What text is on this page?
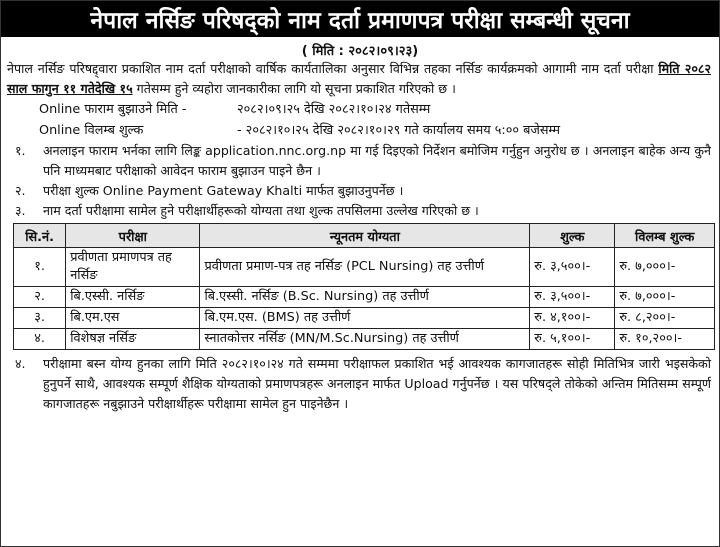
नेपाल नर्सिङ परिषद्को नाम दर्ता प्रमाणपत्र परीक्षा सम्बन्धी सूचना
( मिति : २०८२।०९।२३)
नेपाल नर्सिङ परिषद्द्वारा प्रकाशित नाम दर्ता परीक्षाको वार्षिक कार्यतालिका अनुसार विभिन्न तहका नर्सिङ कार्यक्रमको आगामी नाम दर्ता परीक्षा मिति २०८२ साल फागुन ११ गतेदेखि १५ गतेसम्म हुने व्यहोरा जानकारीका लागि यो सूचना प्रकाशित गरिएको छ ।
Online फाराम बुझाउने मिति -	२०८२।०९।२५ देखि २०८२।१०।२४ गतेसम्म
Online विलम्ब शुल्क	- २०८२।१०।२५ देखि २०८२।१०।२९ गते कार्यालय समय ५:०० बजेसम्म
१.	अनलाइन फाराम भर्नका लागि लिङ्क application.nnc.org.np मा गई दिइएको निर्देशन बमोजिम गर्नुहुन अनुरोध छ । अनलाइन बाहेक अन्य कुनै पनि माध्यमबाट परीक्षाको आवेदन फाराम बुझाउन पाइने छैन ।
२.	परीक्षा शुल्क Online Payment Gateway Khalti मार्फत बुझाउनुपर्नेछ ।
३.	नाम दर्ता परीक्षामा सामेल हुने परीक्षार्थीहरूको योग्यता तथा शुल्क तपसिलमा उल्लेख गरिएको छ ।
सि.नं.	परीक्षा	न्यूनतम योग्यता	शुल्क	विलम्ब शुल्क
१.	प्रवीणता प्रमाणपत्र तह नर्सिङ	प्रवीणता प्रमाण-पत्र तह नर्सिङ (PCL Nursing) तह उत्तीर्ण	रु. ३,५००।-	रु. ७,०००।-
२.	बि.एस्सी. नर्सिङ	बि.एस्सी. नर्सिङ (B.Sc. Nursing) तह उत्तीर्ण	रु. ३,५००।-	रु. ७,०००।-
३.	बि.एम.एस	बि.एम.एस. (BMS) तह उत्तीर्ण	रु. ४,१००।-	रु. ८,२००।-
४.	विशेषज्ञ नर्सिङ	स्नातकोत्तर नर्सिङ (MN/M.Sc.Nursing) तह उत्तीर्ण	रु. ५,१००।-	रु. १०,२००।-
४.	परीक्षामा बस्न योग्य हुनका लागि मिति २०८२।१०।२४ गते सम्ममा परीक्षाफल प्रकाशित भई आवश्यक कागजातहरू सोही मितिभित्र जारी भइसकेको हुनुपर्ने साथै, आवश्यक सम्पूर्ण शैक्षिक योग्यताको प्रमाणपत्रहरू अनलाइन मार्फत Upload गर्नुपर्नेछ । यस परिषद्ले तोकेको अन्तिम मितिसम्म सम्पूर्ण कागजातहरू नबुझाउने परीक्षार्थीहरू परीक्षामा सामेल हुन पाइनेछैन ।
